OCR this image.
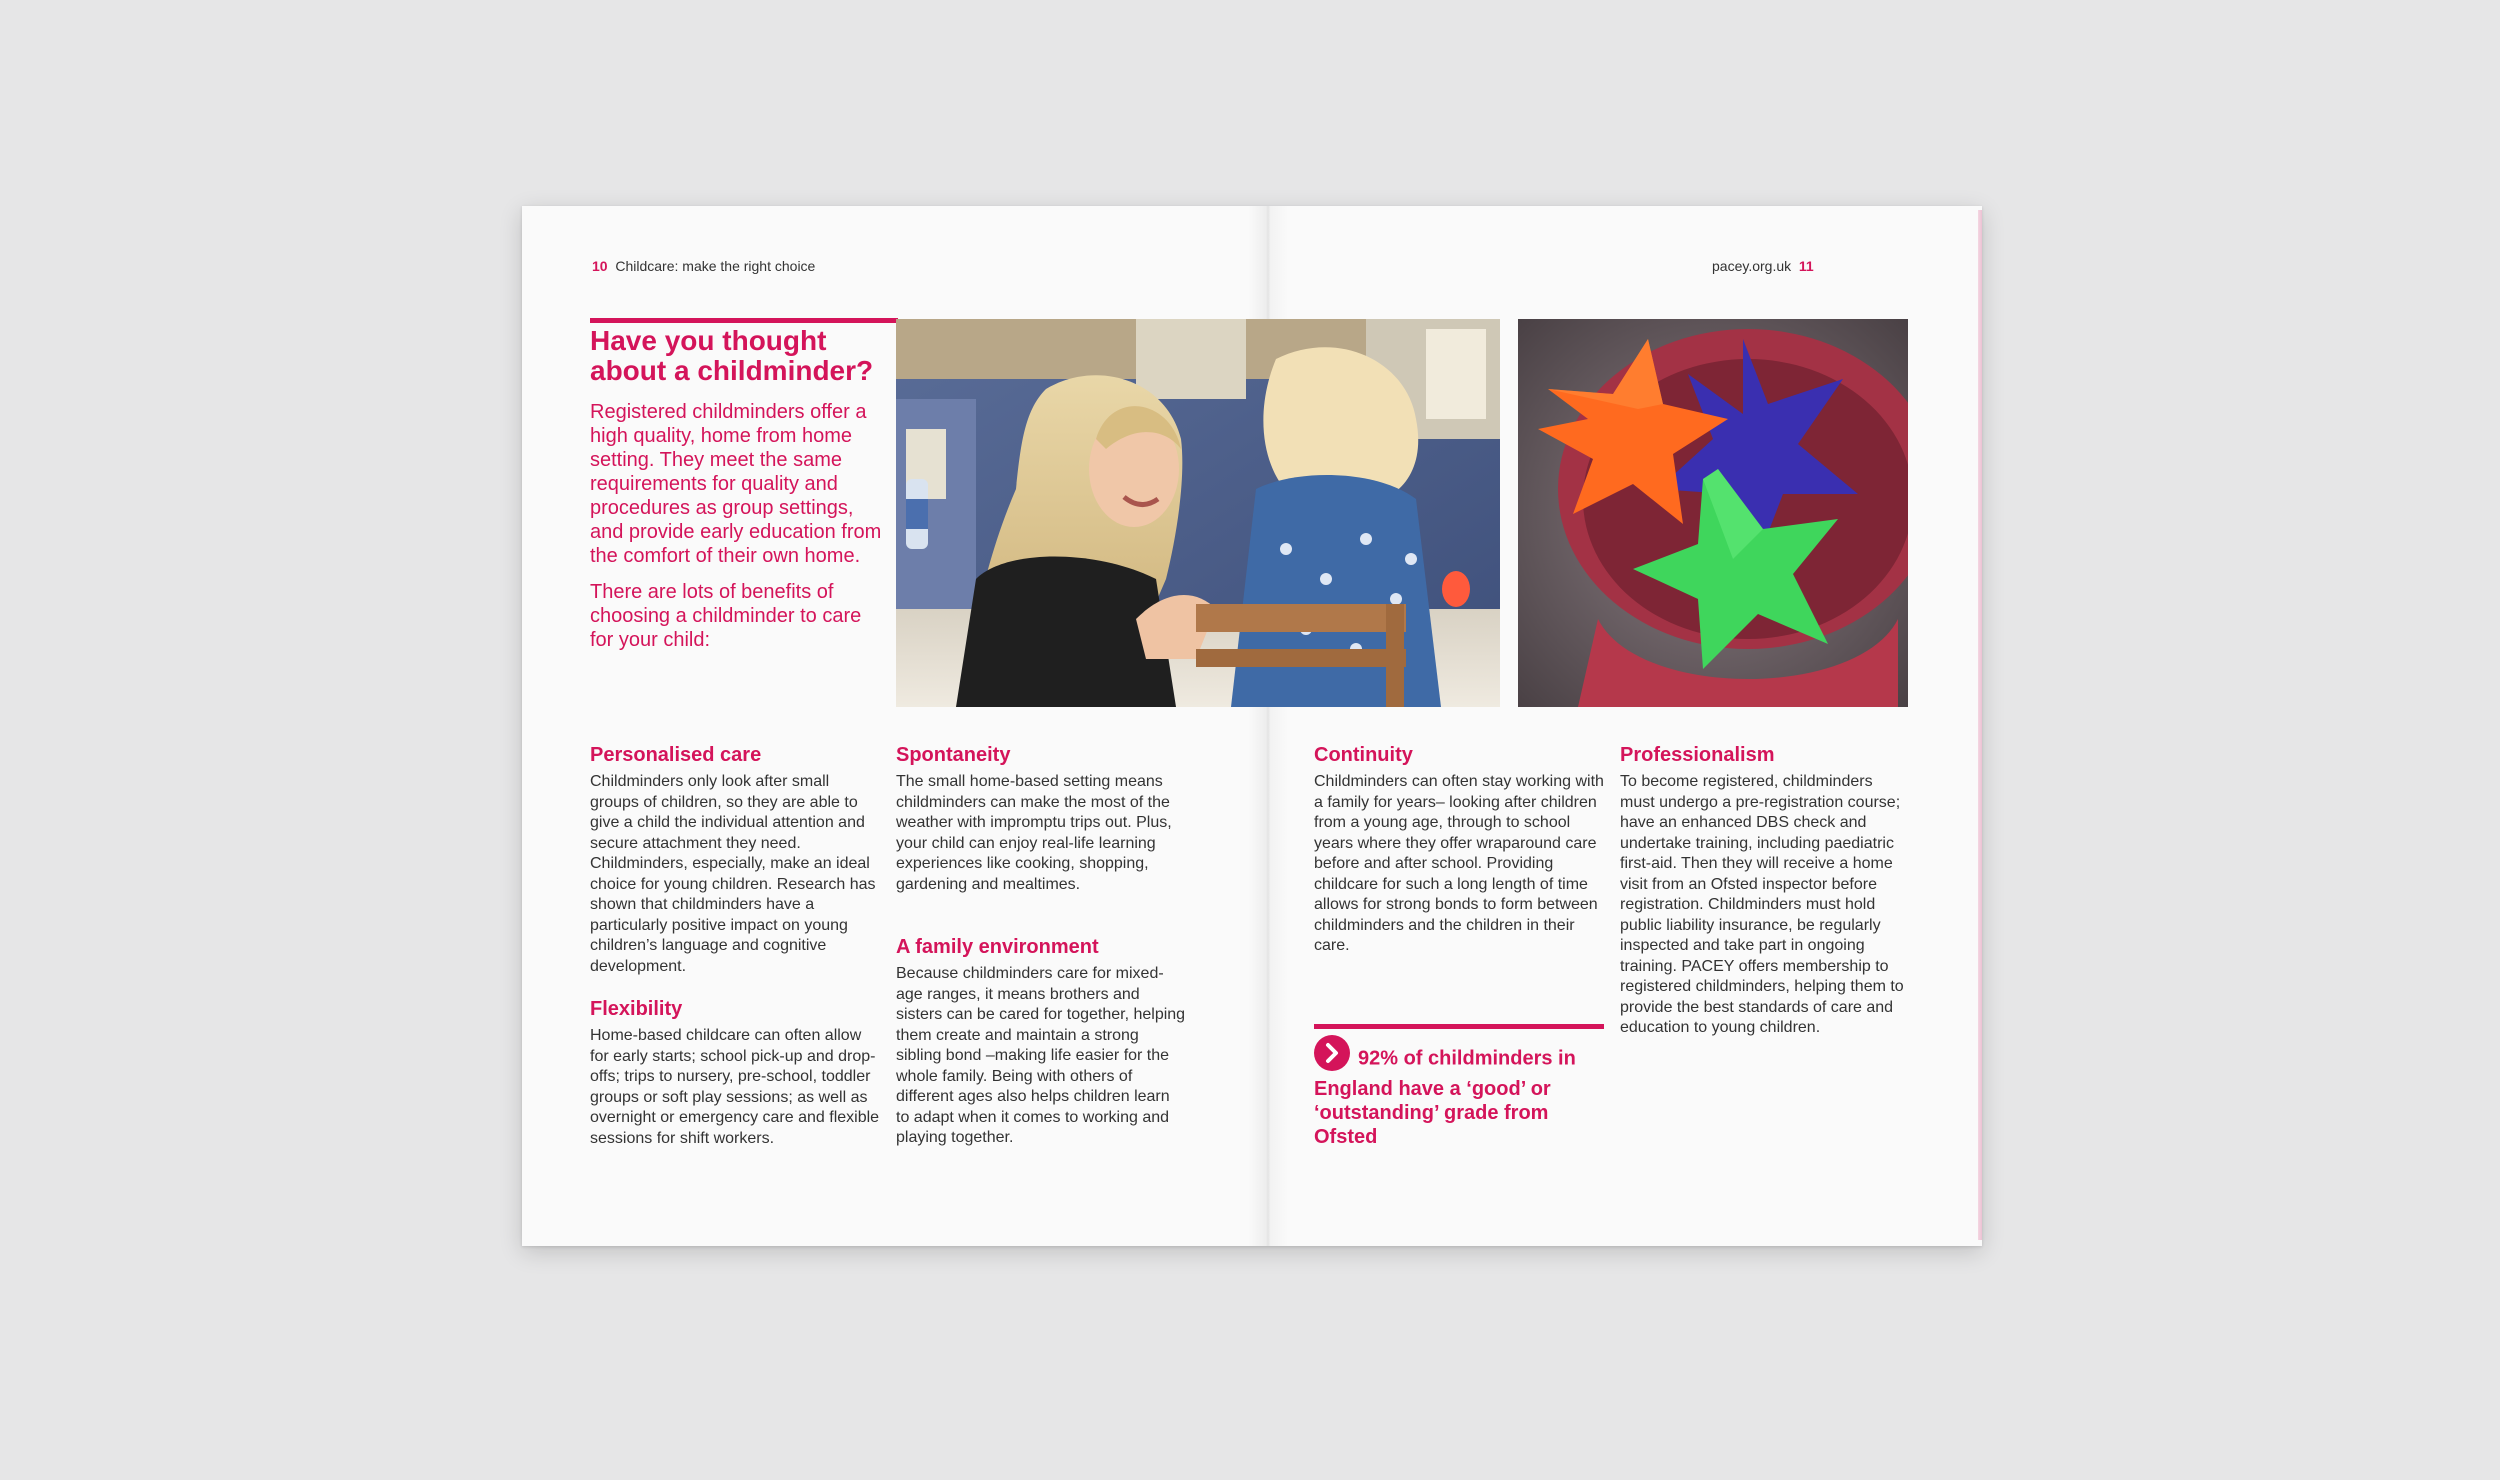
10 Childcare: make the right choice	pacey.org.uk 11
Have you thought about a childminder?

Registered childminders offer a high quality, home from home setting. They meet the same requirements for quality and procedures as group settings, and provide early education from the comfort of their own home.

There are lots of benefits of choosing a childminder to care for your child:

Personalised care

Childminders only look after small groups of children, so they are able to give a child the individual attention and secure attachment they need. Childminders, especially, make an ideal choice for young children. Research has shown that childminders have a particularly positive impact on young children’s language and cognitive development.

Flexibility

Home-based childcare can often allow for early starts; school pick-up and drop-offs; trips to nursery, pre-school, toddler groups or soft play sessions; as well as overnight or emergency care and flexible sessions for shift workers.

Spontaneity

The small home-based setting means childminders can make the most of the weather with impromptu trips out. Plus, your child can enjoy real-life learning experiences like cooking, shopping, gardening and mealtimes.

A family environment

Because childminders care for mixed-age ranges, it means brothers and sisters can be cared for together, helping them create and maintain a strong sibling bond –making life easier for the whole family. Being with others of different ages also helps children learn to adapt when it comes to working and playing together.

Continuity

Childminders can often stay working with a family for years– looking after children from a young age, through to school years where they offer wraparound care before and after school. Providing childcare for such a long length of time allows for strong bonds to form between childminders and the children in their care.

Professionalism

To become registered, childminders must undergo a pre-registration course; have an enhanced DBS check and undertake training, including paediatric first-aid. Then they will receive a home visit from an Ofsted inspector before registration. Childminders must hold public liability insurance, be regularly inspected and take part in ongoing training. PACEY offers membership to registered childminders, helping them to provide the best standards of care and education to young children.

92% of childminders in England have a ‘good’ or ‘outstanding’ grade from Ofsted
